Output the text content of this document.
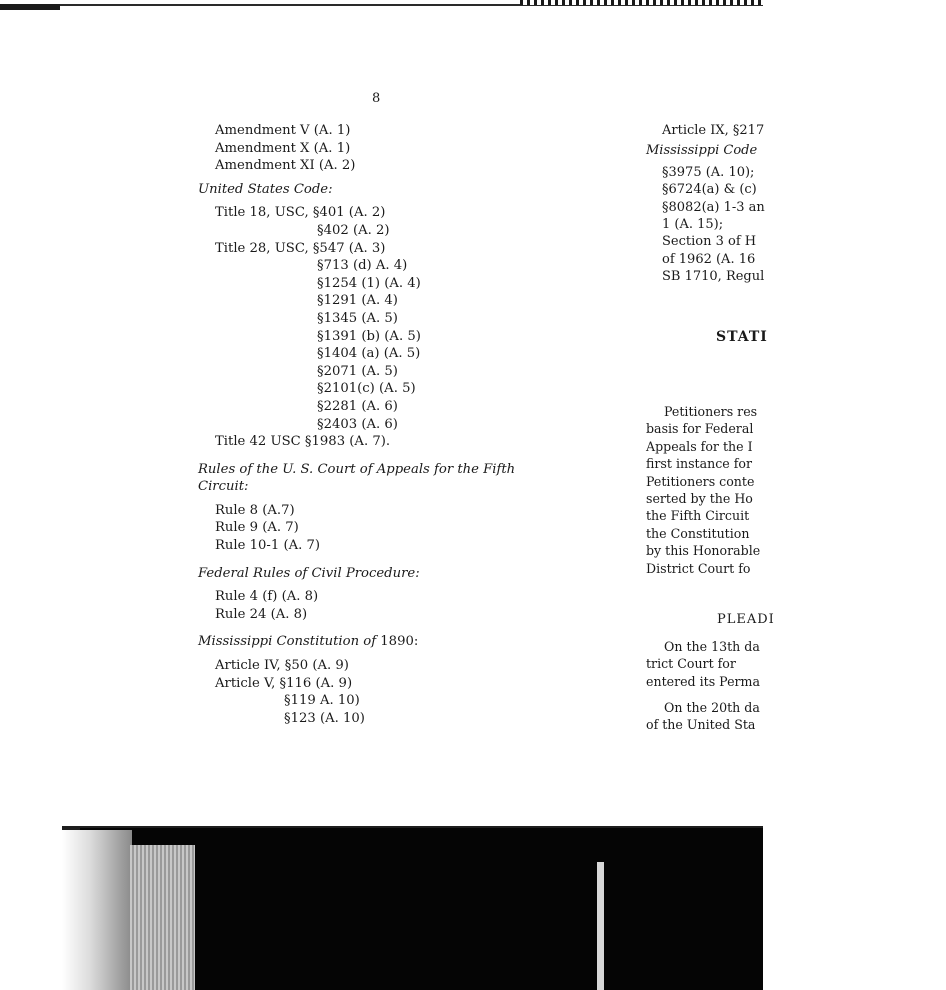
8
Amendment V (A. 1)
Amendment X (A. 1)
Amendment XI (A. 2)
United States Code:
Title 18, USC, §401 (A. 2)
§402 (A. 2)
Title 28, USC, §547 (A. 3)
§713 (d) A. 4)
§1254 (1) (A. 4)
§1291 (A. 4)
§1345 (A. 5)
§1391 (b) (A. 5)
§1404 (a) (A. 5)
§2071 (A. 5)
§2101(c) (A. 5)
§2281 (A. 6)
§2403 (A. 6)
Title 42 USC §1983 (A. 7).
Rules of the U. S. Court of Appeals for the Fifth Circuit:
Rule 8 (A.7)
Rule 9 (A. 7)
Rule 10-1 (A. 7)
Federal Rules of Civil Procedure:
Rule 4 (f) (A. 8)
Rule 24 (A. 8)
Mississippi Constitution of 1890:
Article IV, §50 (A. 9)
Article V, §116 (A. 9)
§119 A. 10)
§123 (A. 10)
Article IX, §217
Mississippi Code
§3975 (A. 10);
§6724(a) & (c)
§8082(a) 1-3 an
1 (A. 15);
Section 3 of H
of 1962 (A. 16
SB 1710, Regul
STATI
Petitioners res
basis for Federal
Appeals for the I
first instance for
Petitioners conte
serted by the Ho
the Fifth Circuit
the Constitution
by this Honorable
District Court fo
PLEADI
On the 13th da
trict Court for
entered its Perma
On the 20th da
of the United Sta
